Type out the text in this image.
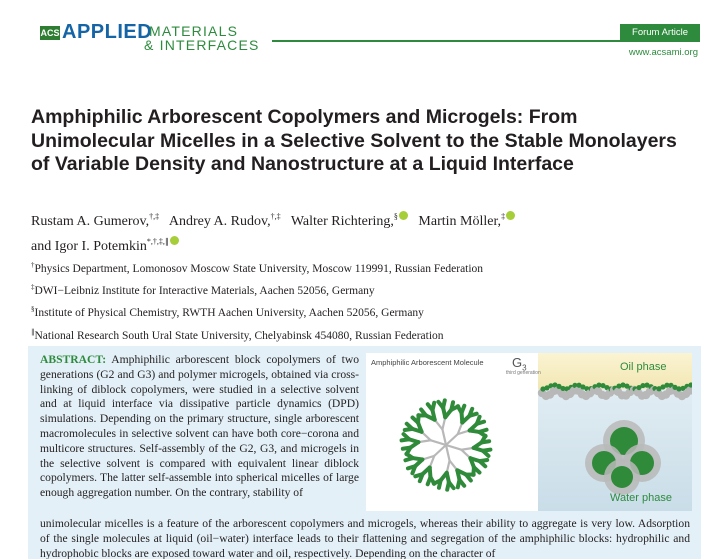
ACS APPLIED
MATERIALS
& INTERFACES
Forum Article
www.acsami.org
Amphiphilic Arborescent Copolymers and Microgels: From Unimolecular Micelles in a Selective Solvent to the Stable Monolayers of Variable Density and Nanostructure at a Liquid Interface
Rustam A. Gumerov,†,‡ Andrey A. Rudov,†,‡ Walter Richtering,§ Martin Möller,‡
and Igor I. Potemkin*,†,‡,∥
†Physics Department, Lomonosov Moscow State University, Moscow 119991, Russian Federation
‡DWI−Leibniz Institute for Interactive Materials, Aachen 52056, Germany
§Institute of Physical Chemistry, RWTH Aachen University, Aachen 52056, Germany
∥National Research South Ural State University, Chelyabinsk 454080, Russian Federation

ABSTRACT: Amphiphilic arborescent block copolymers of two generations (G2 and G3) and polymer microgels, obtained via cross-linking of diblock copolymers, were studied in a selective solvent and at liquid interface via dissipative particle dynamics (DPD) simulations. Depending on the primary structure, single arborescent macromolecules in selective solvent can have both core−corona and multicore structures. Self-assembly of the G2, G3, and microgels in the selective solvent is compared with equivalent linear diblock copolymers. The latter self-assemble into spherical micelles of large enough aggregation number. On the contrary, stability of

Amphiphilic Arborescent Molecule $G_3$
third generation	Oil phase
Water phase

unimolecular micelles is a feature of the arborescent copolymers and microgels, whereas their ability to aggregate is very low. Adsorption of the single molecules at liquid (oil−water) interface leads to their flattening and segregation of the amphiphilic blocks: hydrophilic and hydrophobic blocks are exposed toward water and oil, respectively. Depending on the character of
